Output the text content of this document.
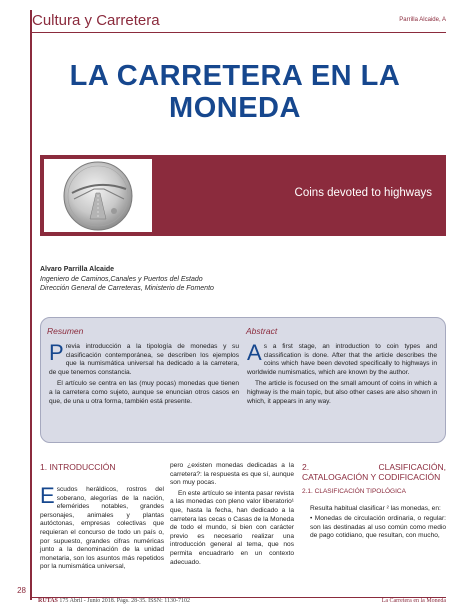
Cultura y Carretera	Parrilla Alcaide, A
LA CARRETERA EN LA MONEDA
Coins devoted to highways
Alvaro Parrilla Alcaide
Ingeniero de Caminos,Canales y Puertos del Estado
Dirección General de Carreteras, Ministerio de Fomento
Resumen	Abstract

Previa introducción a la tipología de monedas y su clasificación contemporánea, se describen los ejemplos que la numismática universal ha dedicado a la carretera, de que tenemos constancia.

El artículo se centra en las (muy pocas) monedas que tienen a la carretera como sujeto, aunque se enuncian otros casos en que, de una u otra forma, también está presente.

As a first stage, an introduction to coin types and classification is done. After that the article describes the coins which have been devoted specifically to highways in worldwide numismatics, which are known by the author.

The article is focused on the small amount of coins in which a highway is the main topic, but also other cases are also shown in which, it appears in any way.

1. INTRODUCCIÓN

Escudos heráldicos, rostros del soberano, alegorías de la nación, efemérides notables, grandes personajes, animales y plantas autóctonas, empresas colectivas que requieran el concurso de todo un país o, por supuesto, grandes cifras numéricas junto a la denominación de la unidad monetaria, son los asuntos más repetidos por la numismática universal,

pero ¿existen monedas dedicadas a la carretera?: la respuesta es que sí, aunque son muy pocas.

En este artículo se intenta pasar revista a las monedas con pleno valor liberatorio¹ que, hasta la fecha, han dedicado a la carretera las cecas o Casas de la Moneda de todo el mundo, si bien con carácter previo es necesario realizar una introducción general al tema, que nos permita encuadrarlo en un contexto adecuado.

2. CLASIFICACIÓN, CATALOGACIÓN Y CODIFICACIÓN
2.1. CLASIFICACIÓN TIPOLÓGICA

Resulta habitual clasificar ² las monedas, en:

• Monedas de circulación ordinaria, o regular: son las destinadas al uso común como medio de pago cotidiano, que resultan, con mucho,

28
RUTAS 175 Abril - Junio 2018. Págs. 28-35. ISSN: 1130-7102	La Carretera en la Moneda
